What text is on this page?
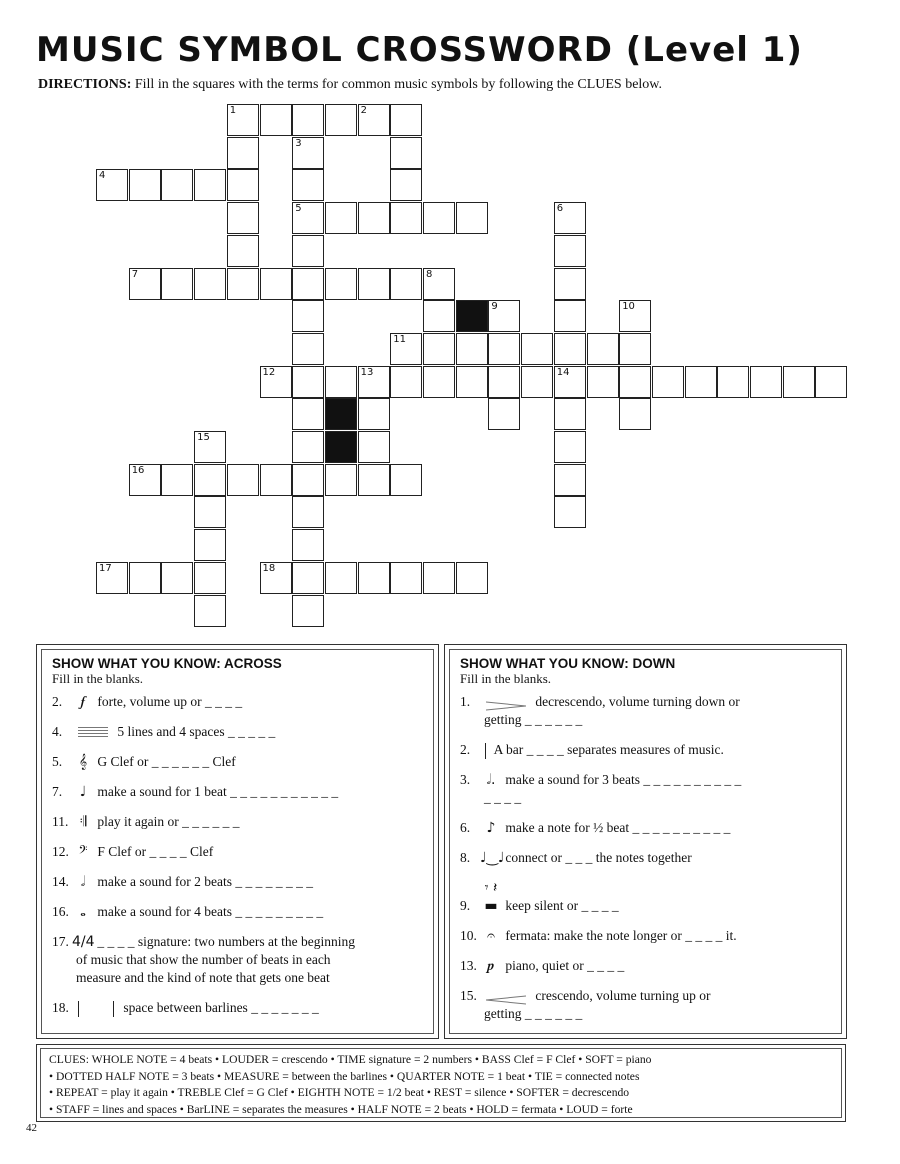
MUSIC SYMBOL CROSSWORD (Level 1)
DIRECTIONS: Fill in the squares with the terms for common music symbols by following the CLUES below.
1	2
3
5
4
6
14
7	8
9	10
11
12	13
15
16
17	18
SHOW WHAT YOU KNOW: ACROSS
Fill in the blanks.
2. 𝆑 forte, volume up or _ _ _ _
4.	5 lines and 4 spaces _ _ _ _ _
5. 𝄞 G Clef or _ _ _ _ _ _ Clef
7. ♩ make a sound for 1 beat _ _ _ _ _ _ _ _ _ _ _
11. 𝄇 play it again or _ _ _ _ _ _
12. 𝄢 F Clef or _ _ _ _ Clef
14. 𝅗𝅥 make a sound for 2 beats _ _ _ _ _ _ _ _
16. 𝅝 make a sound for 4 beats _ _ _ _ _ _ _ _ _
17. 4/4 _ _ _ _ signature: two numbers at the beginning
of music that show the number of beats in each
measure and the kind of note that gets one beat
18.	space between barlines _ _ _ _ _ _ _
SHOW WHAT YOU KNOW: DOWN
Fill in the blanks.
1.	decrescendo, volume turning down or
getting _ _ _ _ _ _
2. A bar _ _ _ _ separates measures of music.
3. 𝅗𝅥. make a sound for 3 beats _ _ _ _ _ _ _ _ _ _
_ _ _ _
6. ♪ make a note for ½ beat _ _ _ _ _ _ _ _ _ _
8. ♩‿♩ connect or _ _ _ the notes together
9.𝄾 𝄽 ▬ keep silent or _ _ _ _
10. 𝄐 fermata: make the note longer or _ _ _ _ it.
13. 𝆏 piano, quiet or _ _ _ _
15.	crescendo, volume turning up or
getting _ _ _ _ _ _
CLUES: WHOLE NOTE = 4 beats • LOUDER = crescendo • TIME signature = 2 numbers • BASS Clef = F Clef • SOFT = piano
• DOTTED HALF NOTE = 3 beats • MEASURE = between the barlines • QUARTER NOTE = 1 beat • TIE = connected notes
• REPEAT = play it again • TREBLE Clef = G Clef • EIGHTH NOTE = 1/2 beat • REST = silence • SOFTER = decrescendo
• STAFF = lines and spaces • BarLINE = separates the measures • HALF NOTE = 2 beats • HOLD = fermata • LOUD = forte
42
